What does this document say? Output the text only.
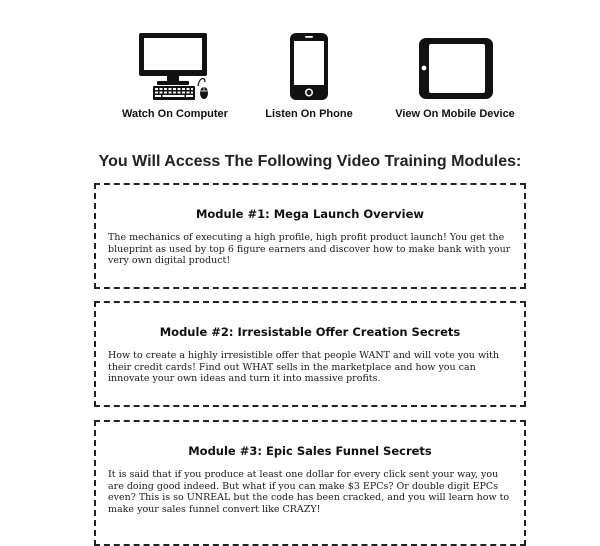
Watch On Computer	Listen On Phone	View On Mobile Device
You Will Access The Following Video Training Modules:
Module #1: Mega Launch Overview

The mechanics of executing a high profile, high profit product launch! You get the blueprint as used by top 6 figure earners and discover how to make bank with your very own digital product!

Module #2: Irresistable Offer Creation Secrets

How to create a highly irresistible offer that people WANT and will vote you with their credit cards! Find out WHAT sells in the marketplace and how you can innovate your own ideas and turn it into massive profits.

Module #3: Epic Sales Funnel Secrets

It is said that if you produce at least one dollar for every click sent your way, you are doing good indeed. But what if you can make $3 EPCs? Or double digit EPCs even? This is so UNREAL but the code has been cracked, and you will learn how to make your sales funnel convert like CRAZY!
